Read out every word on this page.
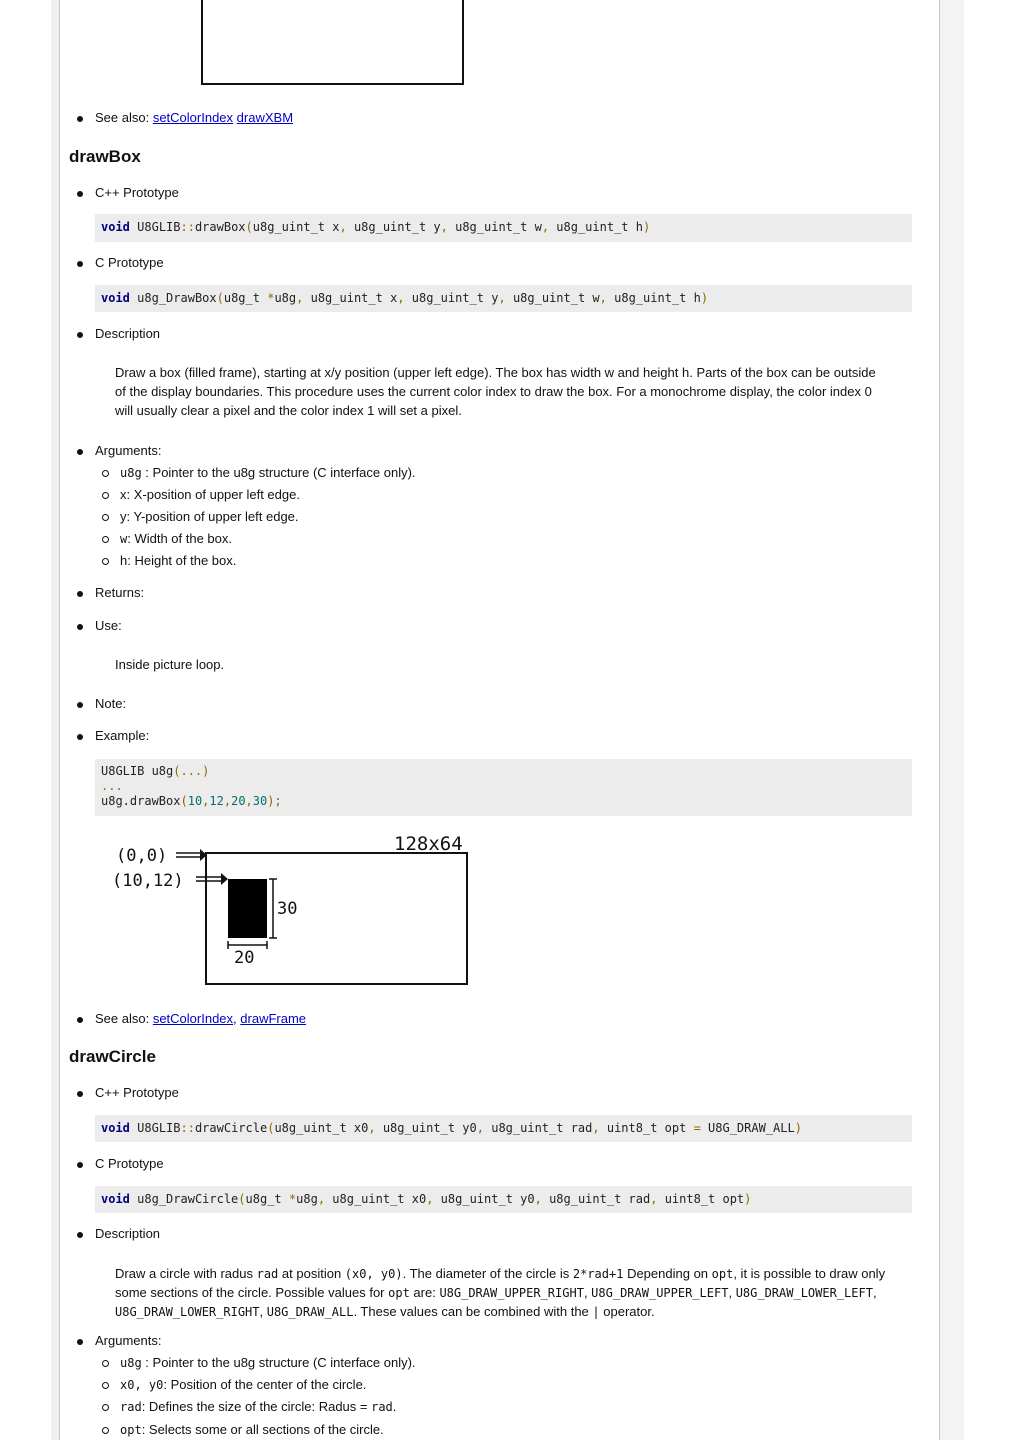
See also: setColorIndex drawXBM
drawBox
C++ Prototype
void U8GLIB::drawBox(u8g_uint_t x, u8g_uint_t y, u8g_uint_t w, u8g_uint_t h)
C Prototype
void u8g_DrawBox(u8g_t *u8g, u8g_uint_t x, u8g_uint_t y, u8g_uint_t w, u8g_uint_t h)
Description
Draw a box (filled frame), starting at x/y position (upper left edge). The box has width w and height h. Parts of the box can be outside
of the display boundaries. This procedure uses the current color index to draw the box. For a monochrome display, the color index 0
will usually clear a pixel and the color index 1 will set a pixel.
Arguments:
u8g : Pointer to the u8g structure (C interface only).
x: X-position of upper left edge.
y: Y-position of upper left edge.
w: Width of the box.
h: Height of the box.
Returns:
Use:
Inside picture loop.
Note:
Example:
U8GLIB u8g(...)
...
u8g.drawBox(10,12,20,30);
128x64
(0,0)
(10,12)
30
20
See also: setColorIndex, drawFrame
drawCircle
C++ Prototype
void U8GLIB::drawCircle(u8g_uint_t x0, u8g_uint_t y0, u8g_uint_t rad, uint8_t opt = U8G_DRAW_ALL)
C Prototype
void u8g_DrawCircle(u8g_t *u8g, u8g_uint_t x0, u8g_uint_t y0, u8g_uint_t rad, uint8_t opt)
Description
Draw a circle with radus rad at position (x0, y0). The diameter of the circle is 2*rad+1 Depending on opt, it is possible to draw only
some sections of the circle. Possible values for opt are: U8G_DRAW_UPPER_RIGHT, U8G_DRAW_UPPER_LEFT, U8G_DRAW_LOWER_LEFT,
U8G_DRAW_LOWER_RIGHT, U8G_DRAW_ALL. These values can be combined with the | operator.
Arguments:
u8g : Pointer to the u8g structure (C interface only).
x0, y0: Position of the center of the circle.
rad: Defines the size of the circle: Radus = rad.
opt: Selects some or all sections of the circle.
